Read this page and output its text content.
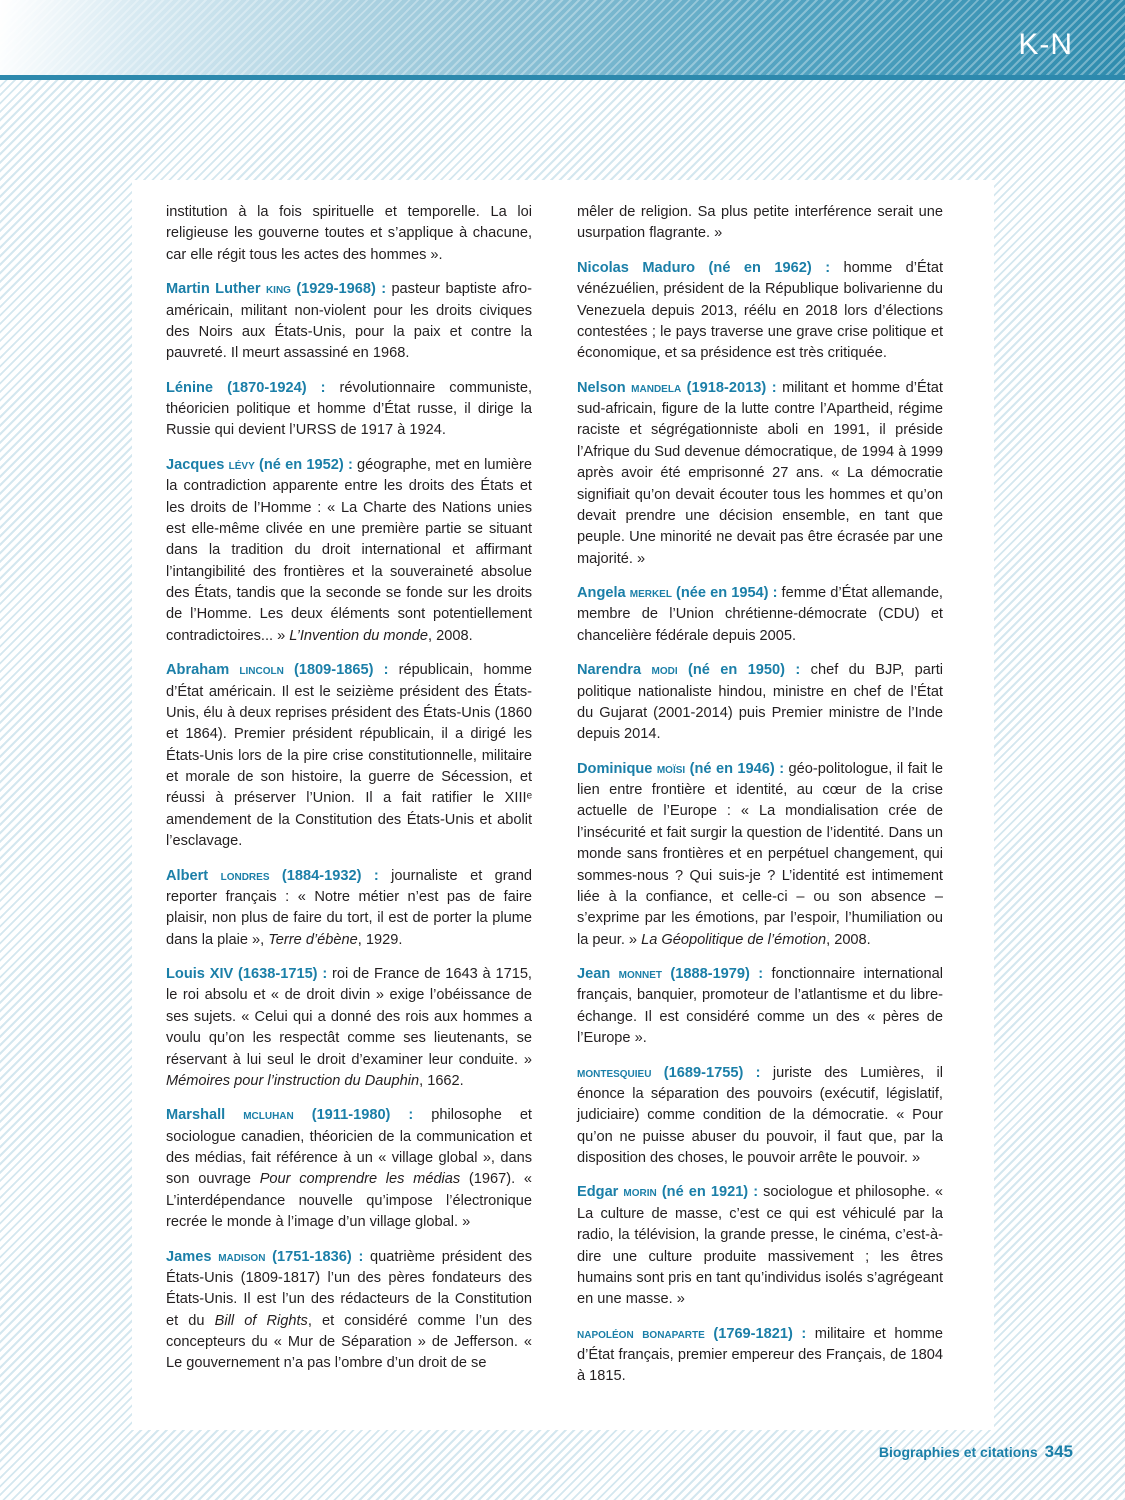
K-N

institution à la fois spirituelle et temporelle. La loi religieuse les gouverne toutes et s’applique à chacune, car elle régit tous les actes des hommes ».

Martin Luther king (1929-1968) : pasteur baptiste afro-américain, militant non-violent pour les droits civiques des Noirs aux États-Unis, pour la paix et contre la pauvreté. Il meurt assassiné en 1968.

Lénine (1870-1924) : révolutionnaire communiste, théoricien politique et homme d’État russe, il dirige la Russie qui devient l’URSS de 1917 à 1924.

Jacques lévy (né en 1952) : géographe, met en lumière la contradiction apparente entre les droits des États et les droits de l’Homme : « La Charte des Nations unies est elle-même clivée en une première partie se situant dans la tradition du droit international et affirmant l’intangibilité des frontières et la souveraineté absolue des États, tandis que la seconde se fonde sur les droits de l’Homme. Les deux éléments sont potentiellement contradictoires... » L’Invention du monde, 2008.

Abraham lincoln (1809-1865) : républicain, homme d’État américain. Il est le seizième président des États-Unis, élu à deux reprises président des États-Unis (1860 et 1864). Premier président républicain, il a dirigé les États-Unis lors de la pire crise constitutionnelle, militaire et morale de son histoire, la guerre de Sécession, et réussi à préserver l’Union. Il a fait ratifier le XIIIᵉ amendement de la Constitution des États-Unis et abolit l’esclavage.

Albert londres (1884-1932) : journaliste et grand reporter français : « Notre métier n’est pas de faire plaisir, non plus de faire du tort, il est de porter la plume dans la plaie », Terre d’ébène, 1929.

Louis XIV (1638-1715) : roi de France de 1643 à 1715, le roi absolu et « de droit divin » exige l’obéissance de ses sujets. « Celui qui a donné des rois aux hommes a voulu qu’on les respectât comme ses lieutenants, se réservant à lui seul le droit d’examiner leur conduite. » Mémoires pour l’instruction du Dauphin, 1662.

Marshall mcluhan (1911-1980) : philosophe et sociologue canadien, théoricien de la communication et des médias, fait référence à un « village global », dans son ouvrage Pour comprendre les médias (1967). « L’interdépendance nouvelle qu’impose l’électronique recrée le monde à l’image d’un village global. »

James madison (1751-1836) : quatrième président des États-Unis (1809-1817) l’un des pères fondateurs des États-Unis. Il est l’un des rédacteurs de la Constitution et du Bill of Rights, et considéré comme l’un des concepteurs du « Mur de Séparation » de Jefferson. « Le gouvernement n’a pas l’ombre d’un droit de se

mêler de religion. Sa plus petite interférence serait une usurpation flagrante. »

Nicolas Maduro (né en 1962) : homme d’État vénézuélien, président de la République bolivarienne du Venezuela depuis 2013, réélu en 2018 lors d’élections contestées ; le pays traverse une grave crise politique et économique, et sa présidence est très critiquée.

Nelson mandela (1918-2013) : militant et homme d’État sud-africain, figure de la lutte contre l’Apartheid, régime raciste et ségrégationniste aboli en 1991, il préside l’Afrique du Sud devenue démocratique, de 1994 à 1999 après avoir été emprisonné 27 ans. « La démocratie signifiait qu’on devait écouter tous les hommes et qu’on devait prendre une décision ensemble, en tant que peuple. Une minorité ne devait pas être écrasée par une majorité. »

Angela merkel (née en 1954) : femme d’État allemande, membre de l’Union chrétienne-démocrate (CDU) et chancelière fédérale depuis 2005.

Narendra modi (né en 1950) : chef du BJP, parti politique nationaliste hindou, ministre en chef de l’État du Gujarat (2001-2014) puis Premier ministre de l’Inde depuis 2014.

Dominique moïsi (né en 1946) : géo-politologue, il fait le lien entre frontière et identité, au cœur de la crise actuelle de l’Europe : « La mondialisation crée de l’insécurité et fait surgir la question de l’identité. Dans un monde sans frontières et en perpétuel changement, qui sommes-nous ? Qui suis-je ? L’identité est intimement liée à la confiance, et celle-ci – ou son absence – s’exprime par les émotions, par l’espoir, l’humiliation ou la peur. » La Géopolitique de l’émotion, 2008.

Jean monnet (1888-1979) : fonctionnaire international français, banquier, promoteur de l’atlantisme et du libre-échange. Il est considéré comme un des « pères de l’Europe ».

montesquieu (1689-1755) : juriste des Lumières, il énonce la séparation des pouvoirs (exécutif, législatif, judiciaire) comme condition de la démocratie. « Pour qu’on ne puisse abuser du pouvoir, il faut que, par la disposition des choses, le pouvoir arrête le pouvoir. »

Edgar morin (né en 1921) : sociologue et philosophe. « La culture de masse, c’est ce qui est véhiculé par la radio, la télévision, la grande presse, le cinéma, c’est-à-dire une culture produite massivement ; les êtres humains sont pris en tant qu’individus isolés s’agrégeant en une masse. »

napoléon bonaparte (1769-1821) : militaire et homme d’État français, premier empereur des Français, de 1804 à 1815.

Biographies et citations 345
